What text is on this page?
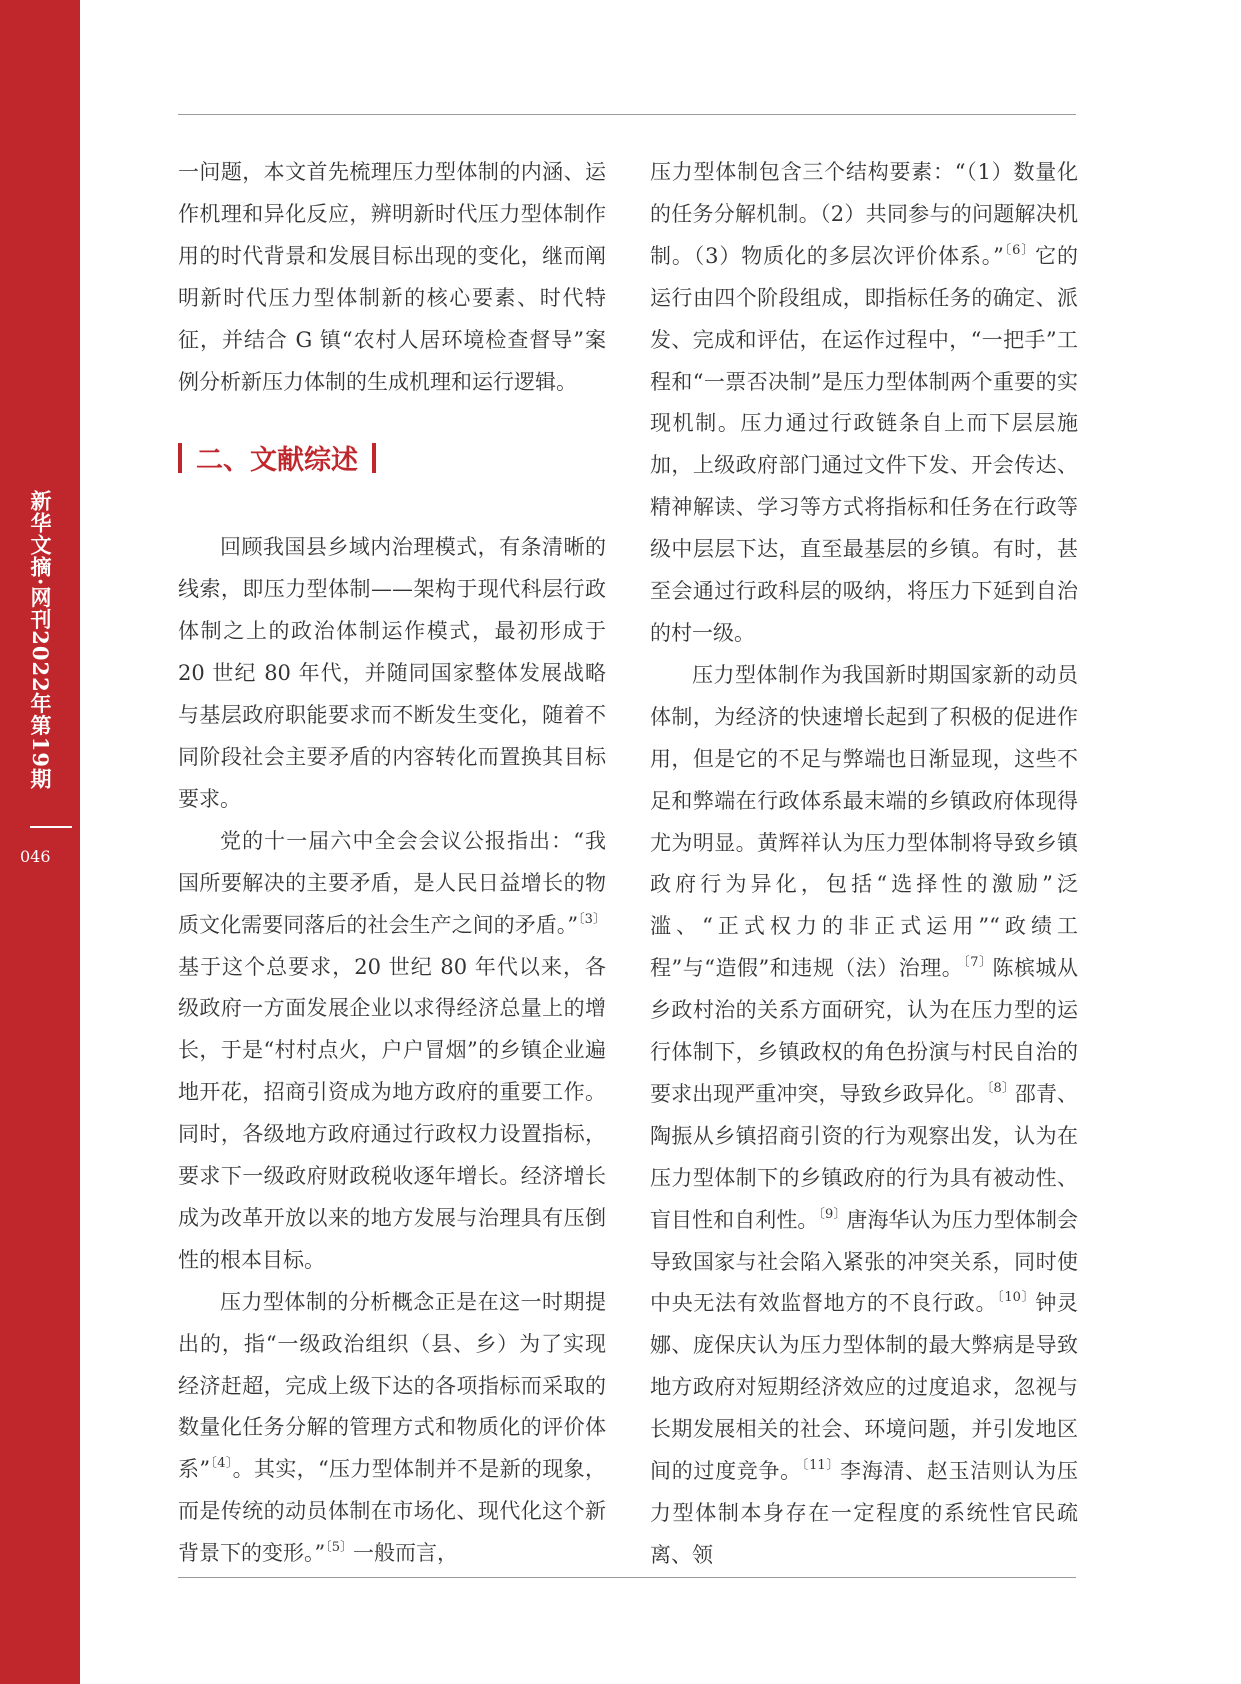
新华文摘·网刊2022年第19期
046

一问题，本文首先梳理压力型体制的内涵、运作机理和异化反应，辨明新时代压力型体制作用的时代背景和发展目标出现的变化，继而阐明新时代压力型体制新的核心要素、时代特征，并结合 G 镇“农村人居环境检查督导”案例分析新压力体制的生成机理和运行逻辑。

二、文献综述

回顾我国县乡域内治理模式，有条清晰的线索，即压力型体制——架构于现代科层行政体制之上的政治体制运作模式，最初形成于 20 世纪 80 年代，并随同国家整体发展战略与基层政府职能要求而不断发生变化，随着不同阶段社会主要矛盾的内容转化而置换其目标要求。

党的十一届六中全会会议公报指出：“我国所要解决的主要矛盾，是人民日益增长的物质文化需要同落后的社会生产之间的矛盾。”$^{〔3〕}$基于这个总要求，20 世纪 80 年代以来，各级政府一方面发展企业以求得经济总量上的增长，于是“村村点火，户户冒烟”的乡镇企业遍地开花，招商引资成为地方政府的重要工作。同时，各级地方政府通过行政权力设置指标，要求下一级政府财政税收逐年增长。经济增长成为改革开放以来的地方发展与治理具有压倒性的根本目标。

压力型体制的分析概念正是在这一时期提出的，指“一级政治组织（县、乡）为了实现经济赶超，完成上级下达的各项指标而采取的数量化任务分解的管理方式和物质化的评价体系”$^{〔4〕}$。其实，“压力型体制并不是新的现象，而是传统的动员体制在市场化、现代化这个新背景下的变形。”$^{〔5〕}$一般而言，

压力型体制包含三个结构要素：“（1）数量化的任务分解机制。（2）共同参与的问题解决机制。（3）物质化的多层次评价体系。”$^{〔6〕}$它的运行由四个阶段组成，即指标任务的确定、派发、完成和评估，在运作过程中，“一把手”工程和“一票否决制”是压力型体制两个重要的实现机制。压力通过行政链条自上而下层层施加，上级政府部门通过文件下发、开会传达、精神解读、学习等方式将指标和任务在行政等级中层层下达，直至最基层的乡镇。有时，甚至会通过行政科层的吸纳，将压力下延到自治的村一级。

压力型体制作为我国新时期国家新的动员体制，为经济的快速增长起到了积极的促进作用，但是它的不足与弊端也日渐显现，这些不足和弊端在行政体系最末端的乡镇政府体现得尤为明显。黄辉祥认为压力型体制将导致乡镇政府行为异化，包括“选择性的激励”泛滥、“正式权力的非正式运用”“政绩工程”与“造假”和违规（法）治理。$^{〔7〕}$陈槟城从乡政村治的关系方面研究，认为在压力型的运行体制下，乡镇政权的角色扮演与村民自治的要求出现严重冲突，导致乡政异化。$^{〔8〕}$邵青、陶振从乡镇招商引资的行为观察出发，认为在压力型体制下的乡镇政府的行为具有被动性、盲目性和自利性。$^{〔9〕}$唐海华认为压力型体制会导致国家与社会陷入紧张的冲突关系，同时使中央无法有效监督地方的不良行政。$^{〔10〕}$钟灵娜、庞保庆认为压力型体制的最大弊病是导致地方政府对短期经济效应的过度追求，忽视与长期发展相关的社会、环境问题，并引发地区间的过度竞争。$^{〔11〕}$李海清、赵玉洁则认为压力型体制本身存在一定程度的系统性官民疏离、领
